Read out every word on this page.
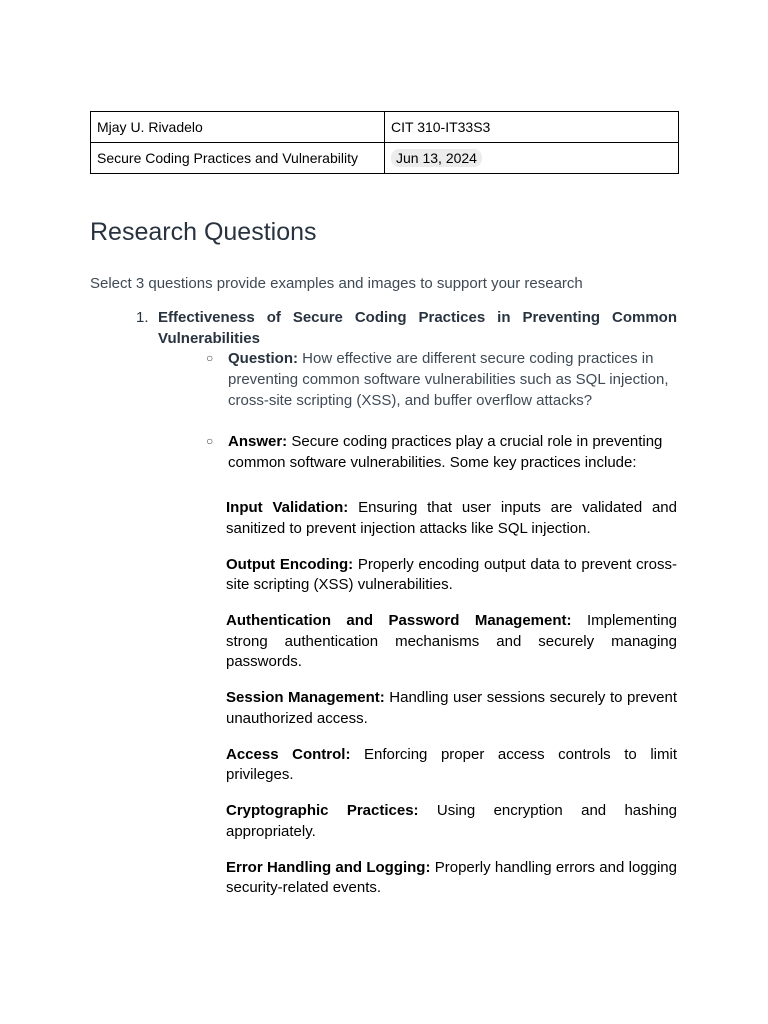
Mjay U. Rivadelo	CIT 310-IT33S3
Secure Coding Practices and Vulnerability	Jun 13, 2024
Research Questions
Select 3 questions provide examples and images to support your research
1. Effectiveness of Secure Coding Practices in Preventing Common Vulnerabilities
○ Question: How effective are different secure coding practices in preventing common software vulnerabilities such as SQL injection, cross-site scripting (XSS), and buffer overflow attacks?
○ Answer: Secure coding practices play a crucial role in preventing common software vulnerabilities. Some key practices include:

Input Validation: Ensuring that user inputs are validated and sanitized to prevent injection attacks like SQL injection.

Output Encoding: Properly encoding output data to prevent cross-site scripting (XSS) vulnerabilities.

Authentication and Password Management: Implementing strong authentication mechanisms and securely managing passwords.

Session Management: Handling user sessions securely to prevent unauthorized access.

Access Control: Enforcing proper access controls to limit privileges.

Cryptographic Practices: Using encryption and hashing appropriately.

Error Handling and Logging: Properly handling errors and logging security-related events.
